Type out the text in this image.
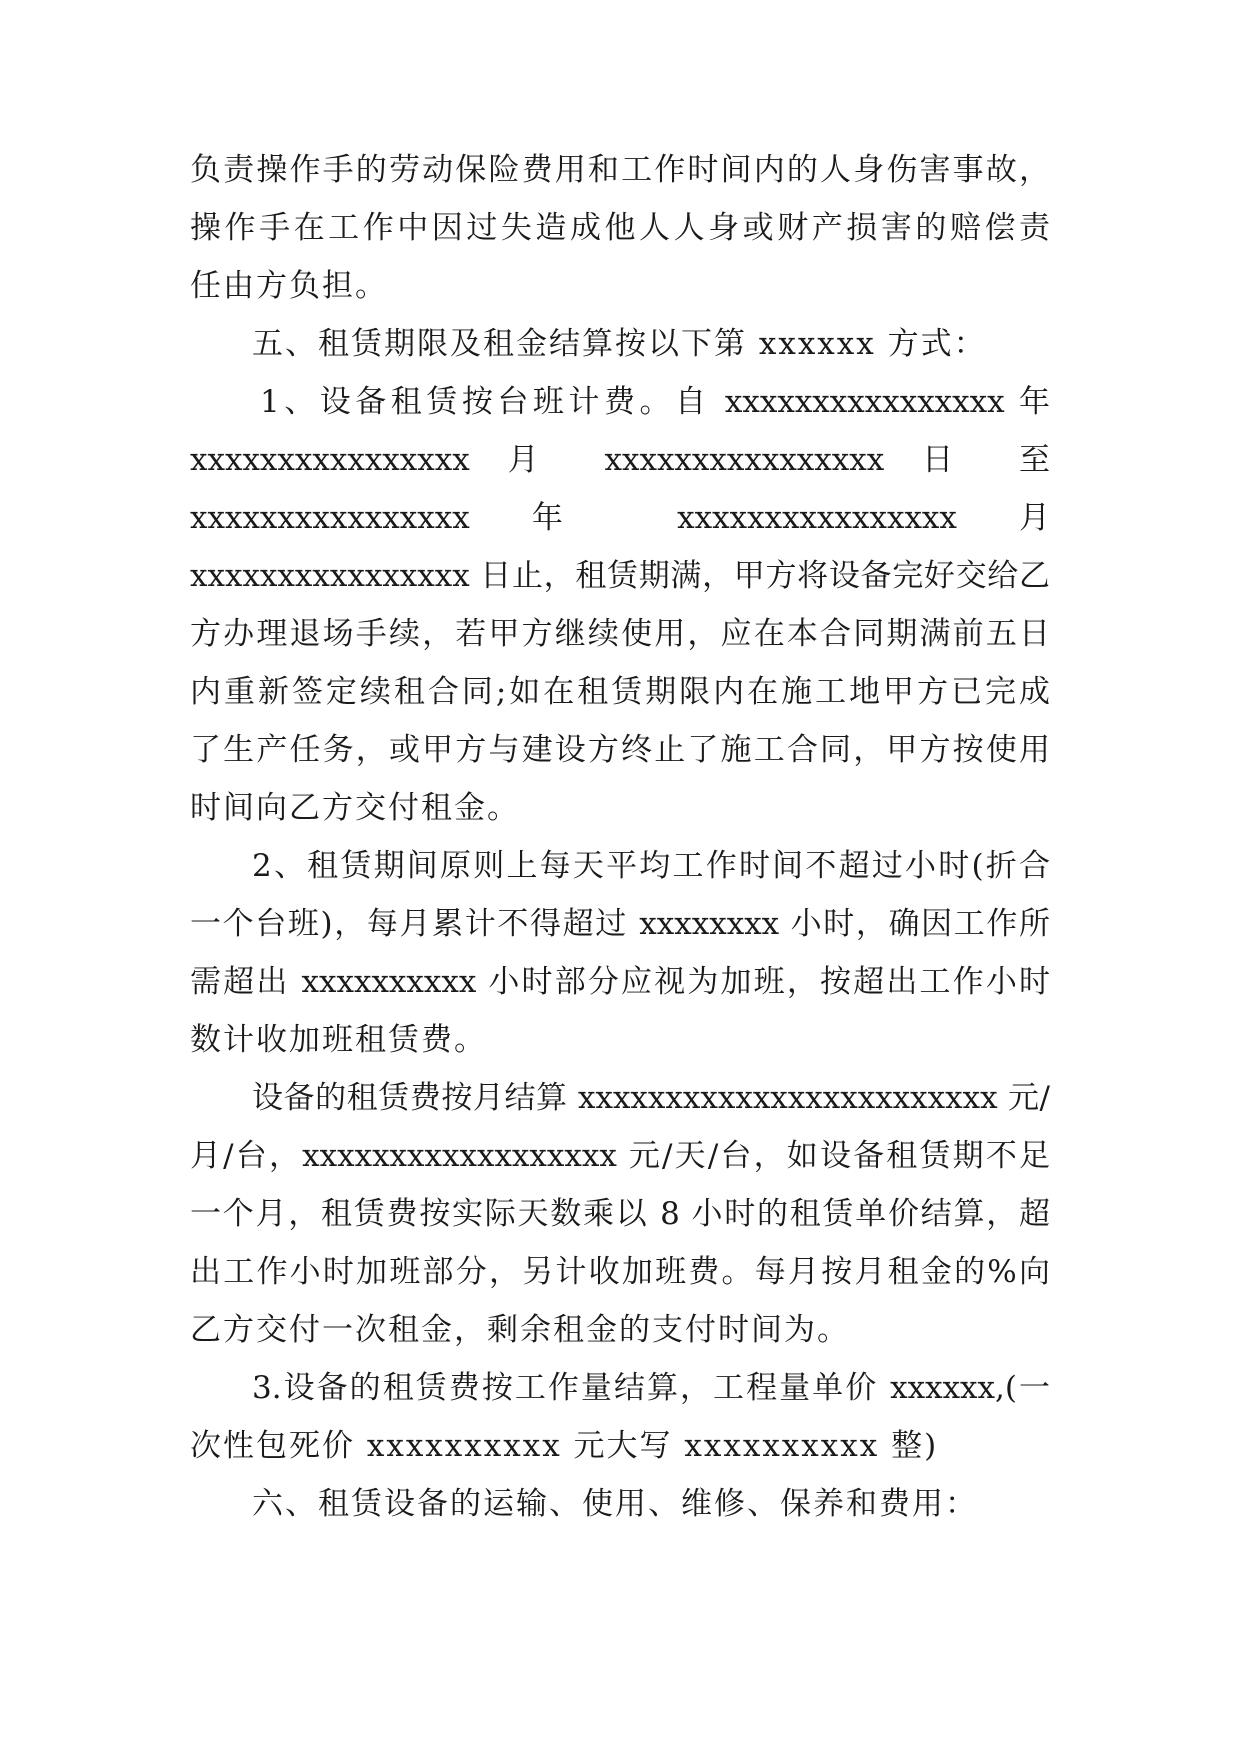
负责操作手的劳动保险费用和工作时间内的人身伤害事故，
操作手在工作中因过失造成他人人身或财产损害的赔偿责
任由方负担。
五、租赁期限及租金结算按以下第 xxxxxx 方式：
1、设备租赁按台班计费。自 xxxxxxxxxxxxxxxx 年
xxxxxxxxxxxxxxxx 月 xxxxxxxxxxxxxxxx 日 至
xxxxxxxxxxxxxxxx 年 xxxxxxxxxxxxxxxx 月
xxxxxxxxxxxxxxxx 日止，租赁期满，甲方将设备完好交给乙
方办理退场手续，若甲方继续使用，应在本合同期满前五日
内重新签定续租合同;如在租赁期限内在施工地甲方已完成
了生产任务，或甲方与建设方终止了施工合同，甲方按使用
时间向乙方交付租金。
2、租赁期间原则上每天平均工作时间不超过小时(折合
一个台班)，每月累计不得超过 xxxxxxxx 小时，确因工作所
需超出 xxxxxxxxxx 小时部分应视为加班，按超出工作小时
数计收加班租赁费。
设备的租赁费按月结算 xxxxxxxxxxxxxxxxxxxxxxxx 元/
月/台，xxxxxxxxxxxxxxxxxx 元/天/台，如设备租赁期不足
一个月，租赁费按实际天数乘以 8 小时的租赁单价结算，超
出工作小时加班部分，另计收加班费。每月按月租金的%向
乙方交付一次租金，剩余租金的支付时间为。
3.设备的租赁费按工作量结算，工程量单价 xxxxxx,(一
次性包死价 xxxxxxxxxx 元大写 xxxxxxxxxx 整)
六、租赁设备的运输、使用、维修、保养和费用：
